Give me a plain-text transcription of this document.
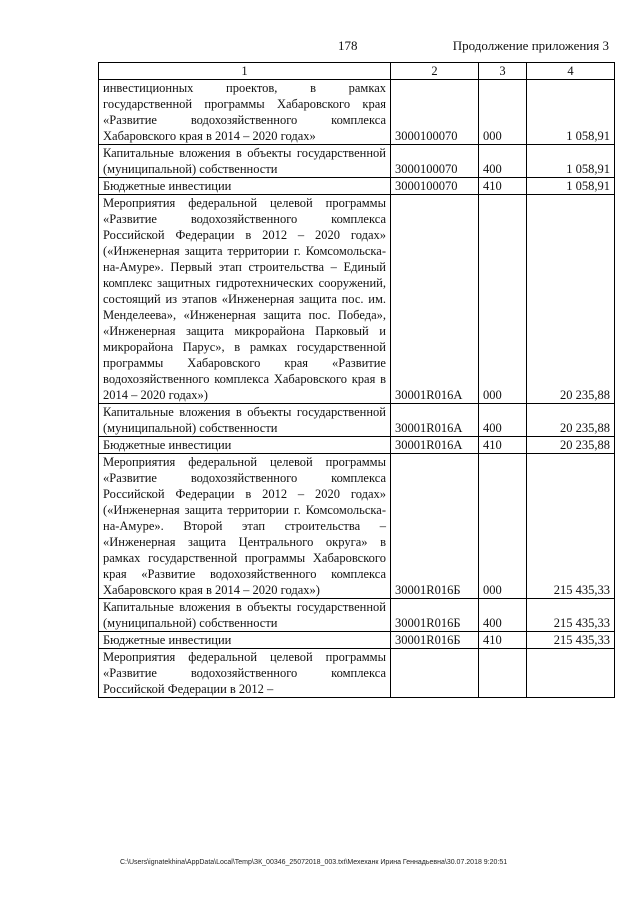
178	Продолжение приложения 3
1	2	3	4
инвестиционных проектов, в рамках государственной программы Хабаровского края «Развитие водохозяйственного комплекса Хабаровского края в 2014 – 2020 годах»	3000100070	000	1 058,91
Капитальные вложения в объекты государственной (муниципальной) собственности	3000100070	400	1 058,91
Бюджетные инвестиции	3000100070	410	1 058,91
Мероприятия федеральной целевой программы «Развитие водохозяйственного комплекса Российской Федерации в 2012 – 2020 годах» («Инженерная защита территории г. Комсомольска-на-Амуре». Первый этап строительства – Единый комплекс защитных гидротехнических сооружений, состоящий из этапов «Инженерная защита пос. им. Менделеева», «Инженерная защита пос. Победа», «Инженерная защита микрорайона Парковый и микрорайона Парус», в рамках государственной программы Хабаровского края «Развитие водохозяйственного комплекса Хабаровского края в 2014 – 2020 годах»)	30001R016А	000	20 235,88
Капитальные вложения в объекты государственной (муниципальной) собственности	30001R016А	400	20 235,88
Бюджетные инвестиции	30001R016А	410	20 235,88
Мероприятия федеральной целевой программы «Развитие водохозяйственного комплекса Российской Федерации в 2012 – 2020 годах» («Инженерная защита территории г. Комсомольска-на-Амуре». Второй этап строительства – «Инженерная защита Центрального округа» в рамках государственной программы Хабаровского края «Развитие водохозяйственного комплекса Хабаровского края в 2014 – 2020 годах»)	30001R016Б	000	215 435,33
Капитальные вложения в объекты государственной (муниципальной) собственности	30001R016Б	400	215 435,33
Бюджетные инвестиции	30001R016Б	410	215 435,33
Мероприятия федеральной целевой программы «Развитие водохозяйственного комплекса Российской Федерации в 2012 –			
C:\Users\ignatekhina\AppData\Local\Temp\ЗК_00346_25072018_003.txt\Мехеханк Ирина Геннадьевна\30.07.2018 9:20:51
